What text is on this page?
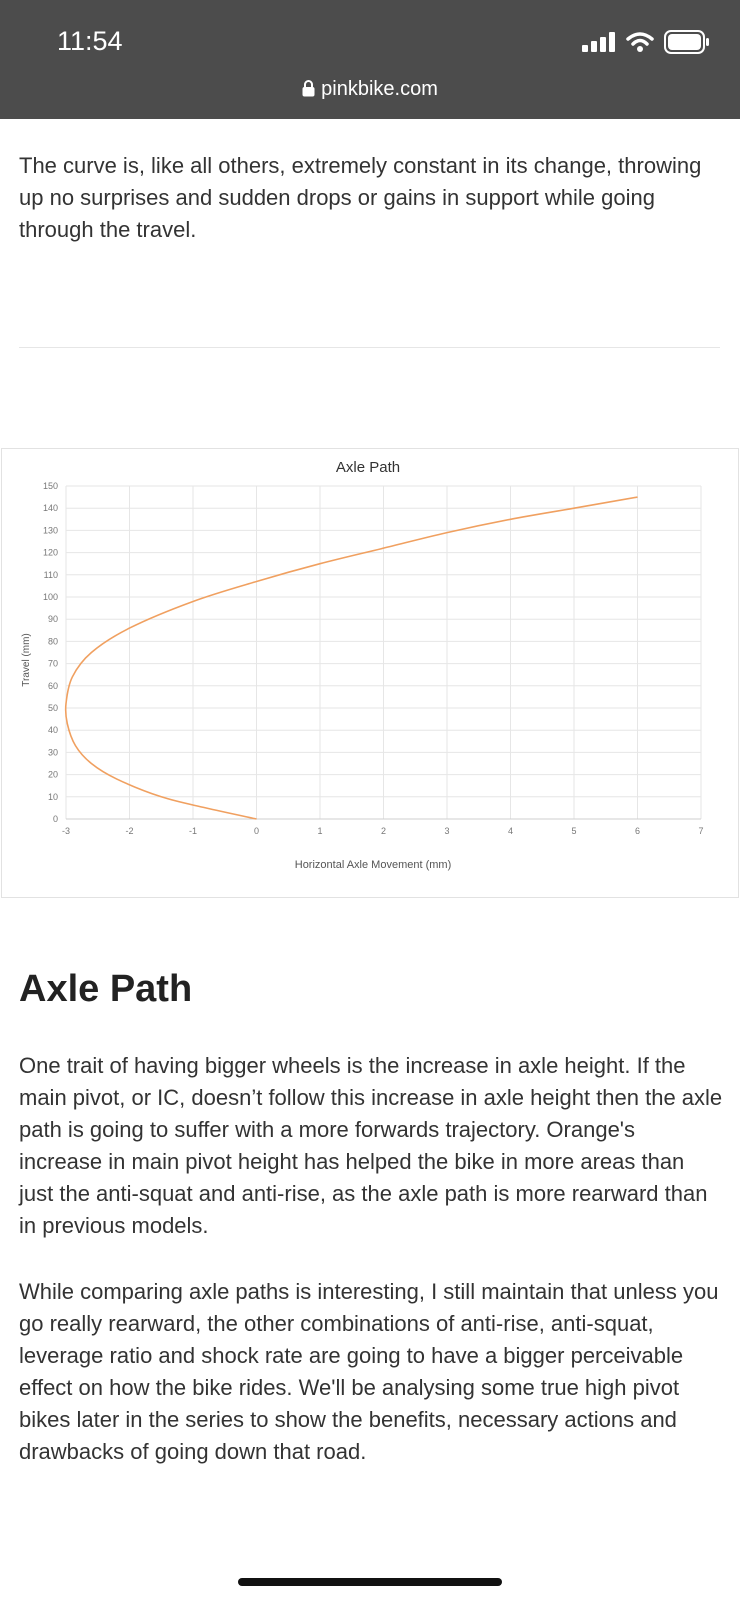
11:54
pinkbike.com

The curve is, like all others, extremely constant in its change, throwing up no surprises and sudden drops or gains in support while going through the travel.

0
10
20
30
40
50
60
70
80
90
100
110
120
130
140
150
-3	-2	-1	0	1	2	3	4	5	6	7
Axle Path
Horizontal Axle Movement (mm)
Travel (mm)
Axle Path

One trait of having bigger wheels is the increase in axle height. If the main pivot, or IC, doesn’t follow this increase in axle height then the axle path is going to suffer with a more forwards trajectory. Orange's increase in main pivot height has helped the bike in more areas than just the anti-squat and anti-rise, as the axle path is more rearward than in previous models.

While comparing axle paths is interesting, I still maintain that unless you go really rearward, the other combinations of anti-rise, anti-squat, leverage ratio and shock rate are going to have a bigger perceivable effect on how the bike rides. We'll be analysing some true high pivot bikes later in the series to show the benefits, necessary actions and drawbacks of going down that road.
